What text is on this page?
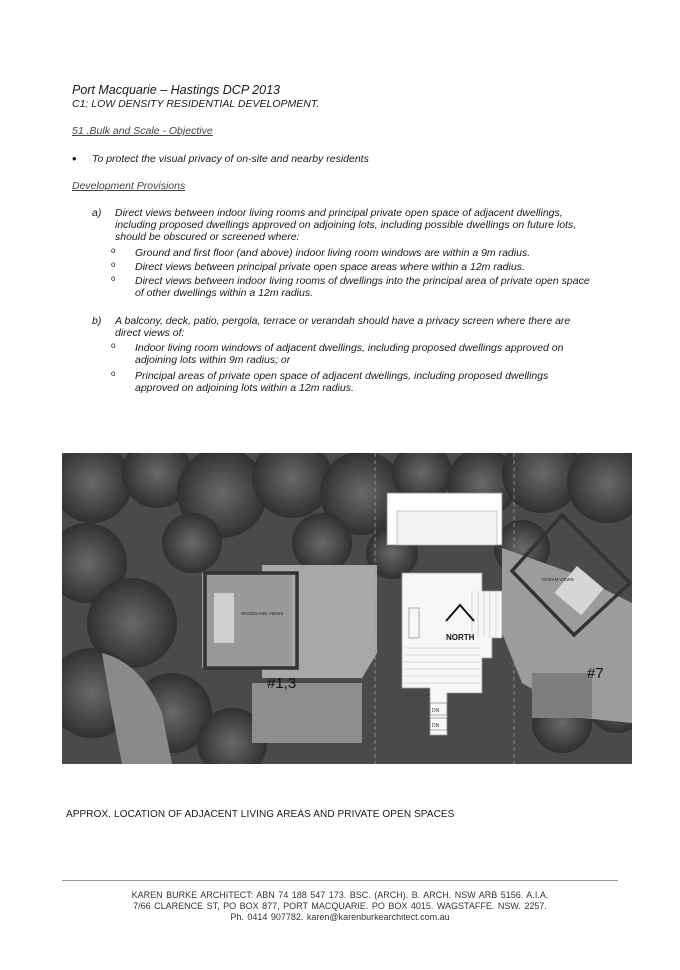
Port Macquarie – Hastings DCP 2013
C1: LOW DENSITY RESIDENTIAL DEVELOPMENT.
51 .Bulk and Scale - Objective
• To protect the visual privacy of on-site and nearby residents
Development Provisions
a) Direct views between indoor living rooms and principal private open space of adjacent dwellings,
including proposed dwellings approved on adjoining lots, including possible dwellings on future lots,
should be obscured or screened where:
o Ground and first floor (and above) indoor living room windows are within a 9m radius.
o Direct views between principal private open space areas where within a 12m radius.
o Direct views between indoor living rooms of dwellings into the principal area of private open space
of other dwellings within a 12m radius.
b) A balcony, deck, patio, pergola, terrace or verandah should have a privacy screen where there are
direct views of:
o Indoor living room windows of adjacent dwellings, including proposed dwellings approved on
adjoining lots within 9m radius; or
o Principal areas of private open space of adjacent dwellings, including proposed dwellings
approved on adjoining lots within a 12m radius.
DN
DN
RL. 105.45 m
NORTH
WOODLAND VIEWS
OCEAN VIEWS
#1,3
#7
APPROX. LOCATION OF ADJACENT LIVING AREAS AND PRIVATE OPEN SPACES
KAREN BURKE ARCHITECT: ABN 74 188 547 173. BSC. (ARCH). B. ARCH. NSW ARB 5156. A.I.A.
7/66 CLARENCE ST, PO BOX 877, PORT MACQUARIE. PO BOX 4015. WAGSTAFFE. NSW. 2257.
Ph. 0414 907782. karen@karenburkearchitect.com.au
